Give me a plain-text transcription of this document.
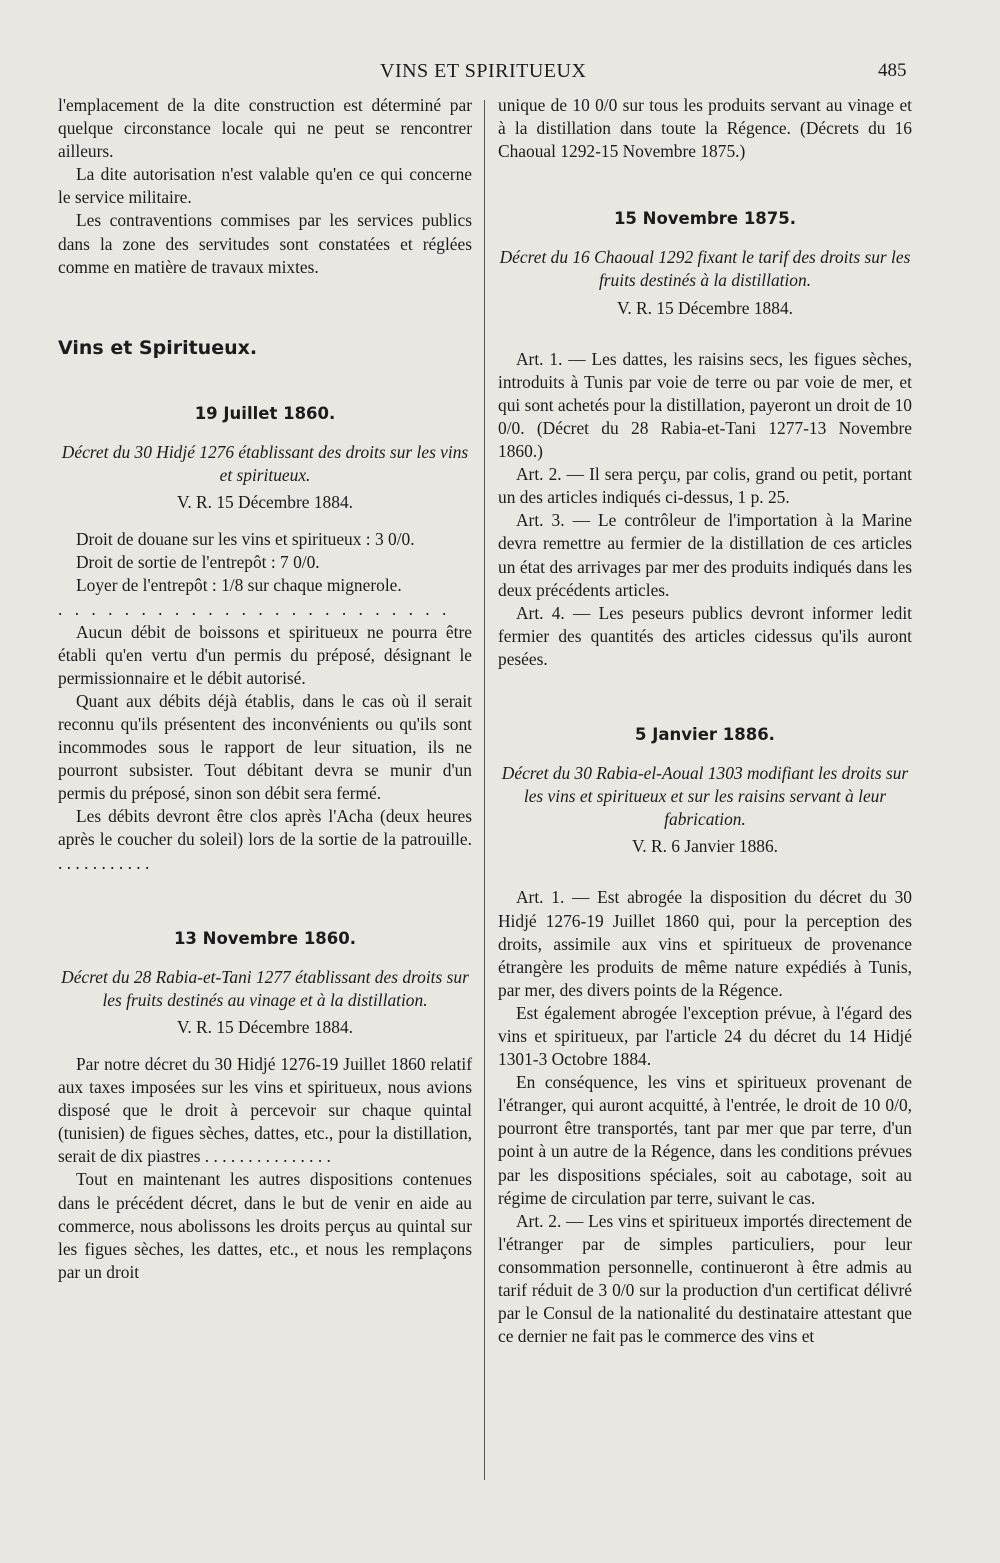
VINS ET SPIRITUEUX	485

l'emplacement de la dite construction est déterminé par quelque circonstance locale qui ne peut se rencontrer ailleurs.

La dite autorisation n'est valable qu'en ce qui concerne le service militaire.

Les contraventions commises par les services publics dans la zone des servitudes sont constatées et réglées comme en matière de travaux mixtes.

Vins et Spiritueux.
19 Juillet 1860.

Décret du 30 Hidjé 1276 établissant des droits sur les vins et spiritueux.

V. R. 15 Décembre 1884.

Droit de douane sur les vins et spiritueux : 3 0/0.

Droit de sortie de l'entrepôt : 7 0/0.

Loyer de l'entrepôt : 1/8 sur chaque mignerole.

. . . . . . . . . . . . . . . . . . . . . . . .

Aucun débit de boissons et spiritueux ne pourra être établi qu'en vertu d'un permis du préposé, désignant le permissionnaire et le débit autorisé.

Quant aux débits déjà établis, dans le cas où il serait reconnu qu'ils présentent des inconvénients ou qu'ils sont incommodes sous le rapport de leur situation, ils ne pourront subsister. Tout débitant devra se munir d'un permis du préposé, sinon son débit sera fermé.

Les débits devront être clos après l'Acha (deux heures après le coucher du soleil) lors de la sortie de la patrouille. . . . . . . . . . . .

13 Novembre 1860.

Décret du 28 Rabia-et-Tani 1277 établissant des droits sur les fruits destinés au vinage et à la distillation.

V. R. 15 Décembre 1884.

Par notre décret du 30 Hidjé 1276-19 Juillet 1860 relatif aux taxes imposées sur les vins et spiritueux, nous avions disposé que le droit à percevoir sur chaque quintal (tunisien) de figues sèches, dattes, etc., pour la distillation, serait de dix piastres . . . . . . . . . . . . . . .

Tout en maintenant les autres dispositions contenues dans le précédent décret, dans le but de venir en aide au commerce, nous abolissons les droits perçus au quintal sur les figues sèches, les dattes, etc., et nous les remplaçons par un droit

unique de 10 0/0 sur tous les produits servant au vinage et à la distillation dans toute la Régence. (Décrets du 16 Chaoual 1292-15 Novembre 1875.)

15 Novembre 1875.

Décret du 16 Chaoual 1292 fixant le tarif des droits sur les fruits destinés à la distillation.

V. R. 15 Décembre 1884.

Art. 1. — Les dattes, les raisins secs, les figues sèches, introduits à Tunis par voie de terre ou par voie de mer, et qui sont achetés pour la distillation, payeront un droit de 10 0/0. (Décret du 28 Rabia-et-Tani 1277-13 Novembre 1860.)

Art. 2. — Il sera perçu, par colis, grand ou petit, portant un des articles indiqués ci-dessus, 1 p. 25.

Art. 3. — Le contrôleur de l'importation à la Marine devra remettre au fermier de la distillation de ces articles un état des arrivages par mer des produits indiqués dans les deux précédents articles.

Art. 4. — Les peseurs publics devront informer ledit fermier des quantités des articles cidessus qu'ils auront pesées.

5 Janvier 1886.

Décret du 30 Rabia-el-Aoual 1303 modifiant les droits sur les vins et spiritueux et sur les raisins servant à leur fabrication.

V. R. 6 Janvier 1886.

Art. 1. — Est abrogée la disposition du décret du 30 Hidjé 1276-19 Juillet 1860 qui, pour la perception des droits, assimile aux vins et spiritueux de provenance étrangère les produits de même nature expédiés à Tunis, par mer, des divers points de la Régence.

Est également abrogée l'exception prévue, à l'égard des vins et spiritueux, par l'article 24 du décret du 14 Hidjé 1301-3 Octobre 1884.

En conséquence, les vins et spiritueux provenant de l'étranger, qui auront acquitté, à l'entrée, le droit de 10 0/0, pourront être transportés, tant par mer que par terre, d'un point à un autre de la Régence, dans les conditions prévues par les dispositions spéciales, soit au cabotage, soit au régime de circulation par terre, suivant le cas.

Art. 2. — Les vins et spiritueux importés directement de l'étranger par de simples particuliers, pour leur consommation personnelle, continueront à être admis au tarif réduit de 3 0/0 sur la production d'un certificat délivré par le Consul de la nationalité du destinataire attestant que ce dernier ne fait pas le commerce des vins et
